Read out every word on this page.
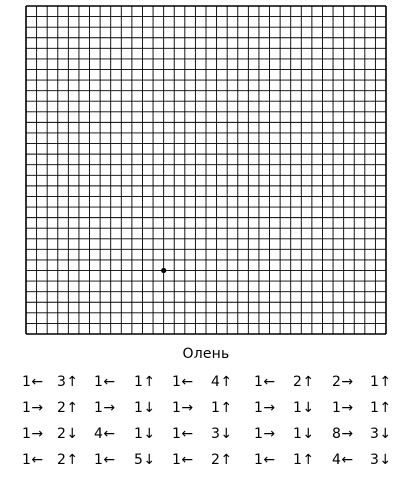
Олень
1← 3↑ 1← 1↑ 1← 4↑ 1← 2↑ 2→ 1↑
1→ 2↑ 1→ 1↓ 1→ 1↑ 1→ 1↓ 1→ 1↑
1→ 2↓ 4← 1↓ 1← 3↓ 1→ 1↓ 8→ 3↓
1← 2↑ 1← 5↓ 1← 2↑ 1← 1↑ 4← 3↓
